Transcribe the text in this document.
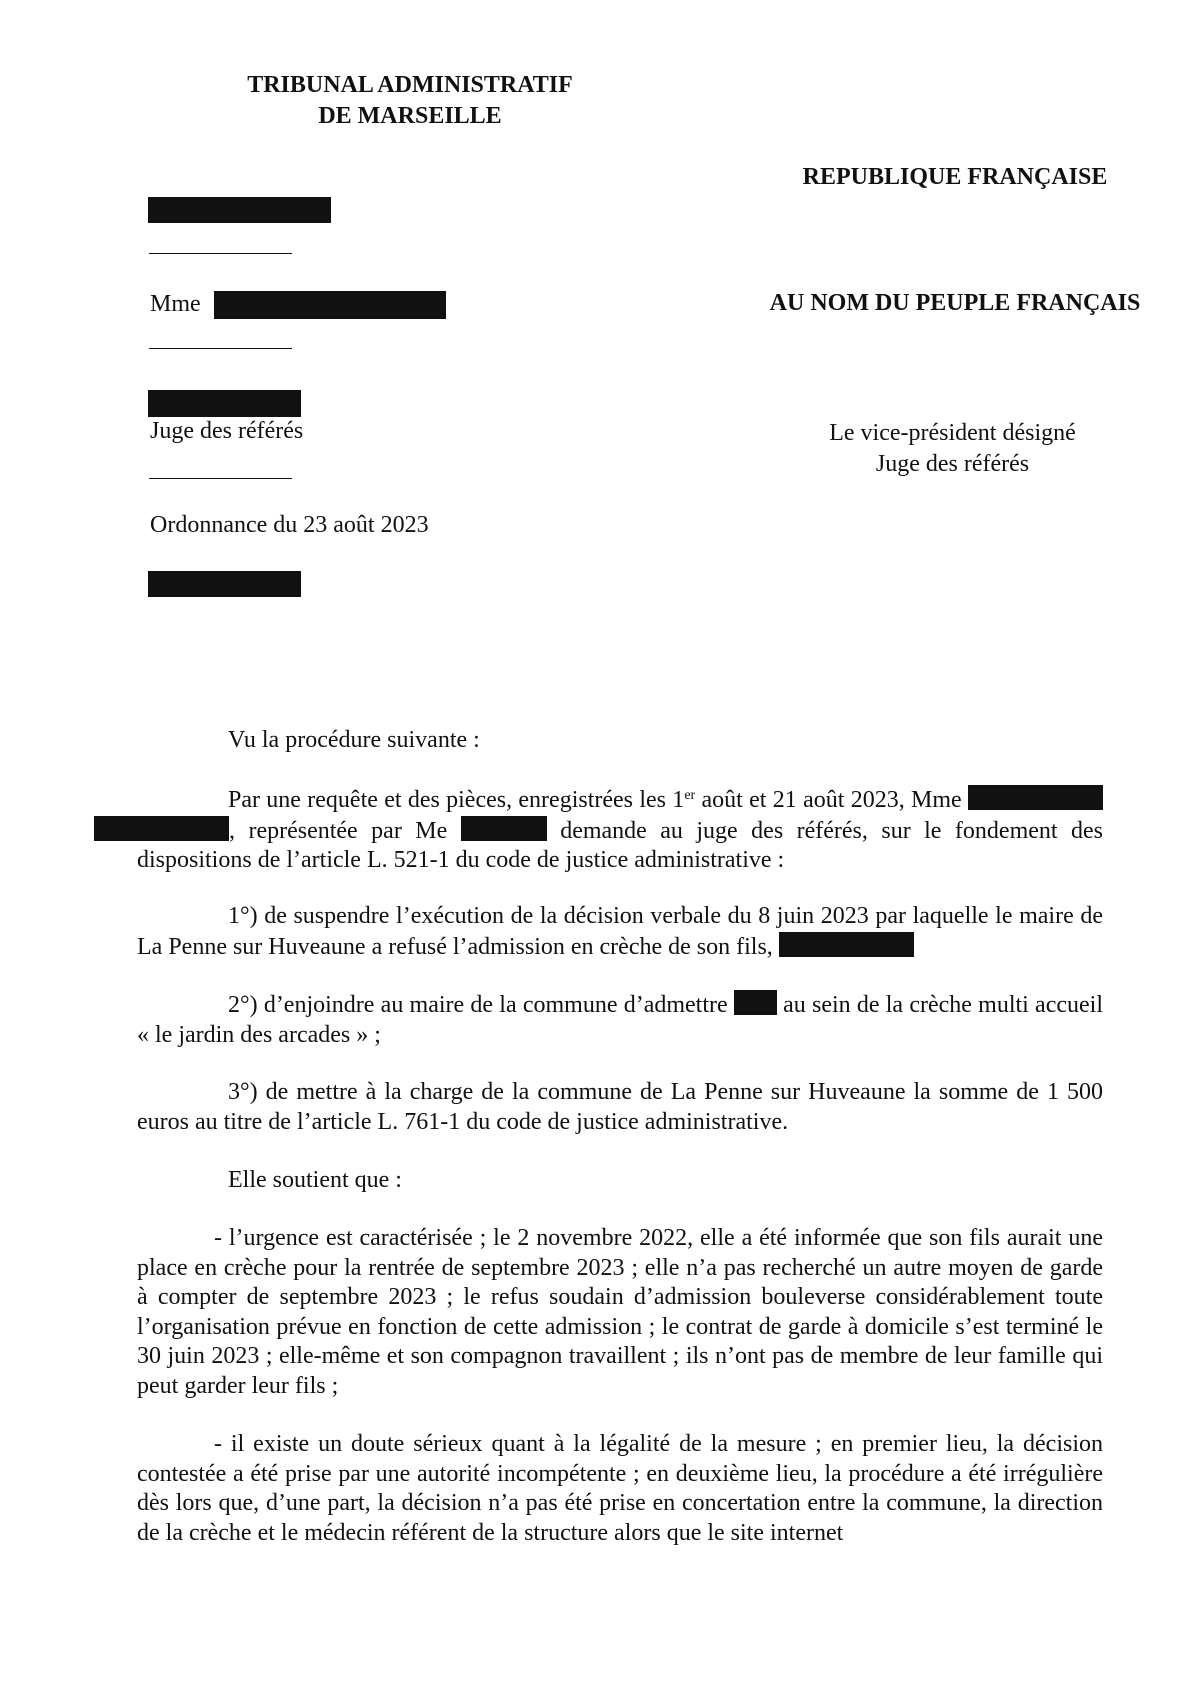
TRIBUNAL ADMINISTRATIF
DE MARSEILLE
REPUBLIQUE FRANÇAISE
AU NOM DU PEUPLE FRANÇAIS
Mme
Juge des référés	Le vice-président désigné
Juge des référés
Ordonnance du 23 août 2023

Vu la procédure suivante :

Par une requête et des pièces, enregistrées les 1er août et 21 août 2023, Mme  , représentée par Me	demande au juge des référés, sur le fondement des dispositions de l’article L. 521-1 du code de justice administrative :

1°) de suspendre l’exécution de la décision verbale du 8 juin 2023 par laquelle le maire de La Penne sur Huveaune a refusé l’admission en crèche de son fils,

2°) d’enjoindre au maire de la commune d’admettre  au sein de la crèche multi accueil « le jardin des arcades » ;

3°) de mettre à la charge de la commune de La Penne sur Huveaune la somme de 1 500 euros au titre de l’article L. 761-1 du code de justice administrative.

Elle soutient que :

- l’urgence est caractérisée ; le 2 novembre 2022, elle a été informée que son fils aurait une place en crèche pour la rentrée de septembre 2023 ; elle n’a pas recherché un autre moyen de garde à compter de septembre 2023 ; le refus soudain d’admission bouleverse considérablement toute l’organisation prévue en fonction de cette admission ; le contrat de garde à domicile s’est terminé le 30 juin 2023 ; elle-même et son compagnon travaillent ; ils n’ont pas de membre de leur famille qui peut garder leur fils ;

- il existe un doute sérieux quant à la légalité de la mesure ; en premier lieu, la décision contestée a été prise par une autorité incompétente ; en deuxième lieu, la procédure a été irrégulière dès lors que, d’une part, la décision n’a pas été prise en concertation entre la commune, la direction de la crèche et le médecin référent de la structure alors que le site internet
